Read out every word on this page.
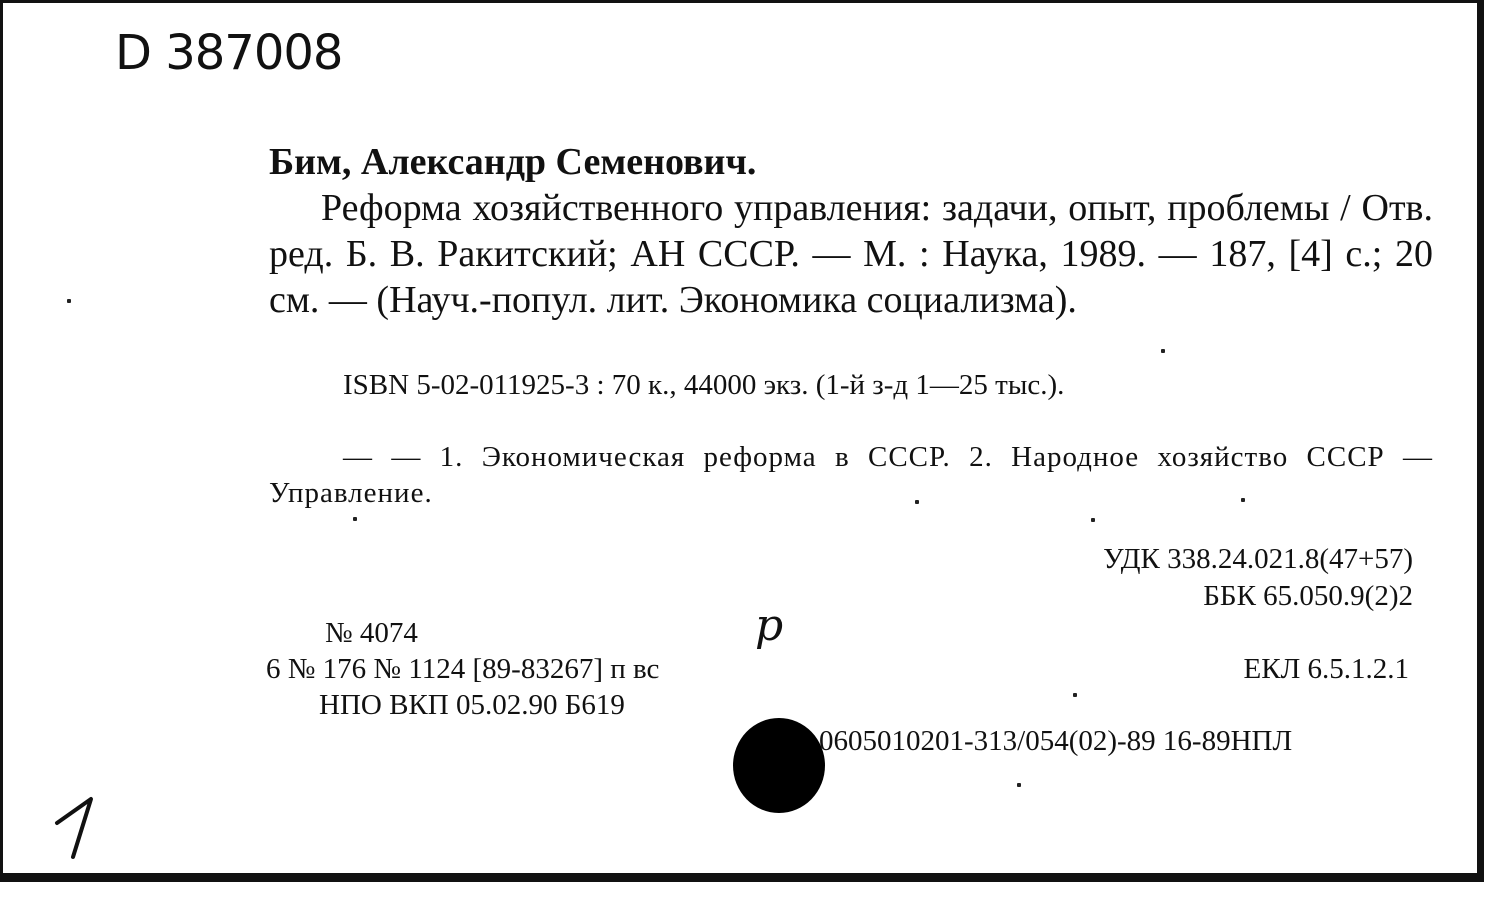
D 387008
Бим, Александр Семенович.
Реформа хозяйственного управления: задачи, опыт, проблемы / Отв. ред. Б. В. Ракитский; АН СССР. — М. : Наука, 1989. — 187, [4] с.; 20 см. — (Науч.-попул. лит. Экономика социализма).
ISBN 5-02-011925-3 : 70 к., 44000 экз. (1-й з-д 1—25 тыс.).
— — 1. Экономическая реформа в СССР. 2. Народное хозяйство СССР — Управление.
УДК 338.24.021.8(47+57)
ББК 65.050.9(2)2
№ 4074	р
6 № 176 № 1124 [89-83267] п вс	ЕКЛ 6.5.1.2.1
НПО ВКП 05.02.90 Б619
0605010201-313/054(02)-89 16-89НПЛ
